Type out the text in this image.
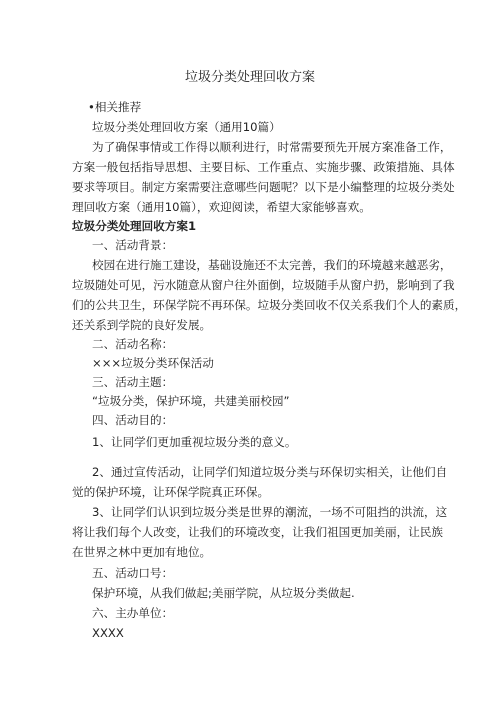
垃圾分类处理回收方案
•相关推荐
垃圾分类处理回收方案（通用10篇）
为了确保事情或工作得以顺利进行，时常需要预先开展方案准备工作，
方案一般包括指导思想、主要目标、工作重点、实施步骤、政策措施、具体
要求等项目。制定方案需要注意哪些问题呢？以下是小编整理的垃圾分类处
理回收方案（通用10篇），欢迎阅读，希望大家能够喜欢。
垃圾分类处理回收方案1
一、活动背景：
校园在进行施工建设，基础设施还不太完善，我们的环境越来越恶劣，
垃圾随处可见，污水随意从窗户往外面倒，垃圾随手从窗户扔，影响到了我
们的公共卫生，环保学院不再环保。垃圾分类回收不仅关系我们个人的素质，
还关系到学院的良好发展。
二、活动名称：
×××垃圾分类环保活动
三、活动主题：
“垃圾分类，保护环境，共建美丽校园”
四、活动目的：
1、让同学们更加重视垃圾分类的意义。
2、通过宣传活动，让同学们知道垃圾分类与环保切实相关，让他们自
觉的保护环境，让环保学院真正环保。
3、让同学们认识到垃圾分类是世界的潮流，一场不可阻挡的洪流，这
将让我们每个人改变，让我们的环境改变，让我们祖国更加美丽，让民族
在世界之林中更加有地位。
五、活动口号：
保护环境，从我们做起;美丽学院，从垃圾分类做起.
六、主办单位：
XXXX
